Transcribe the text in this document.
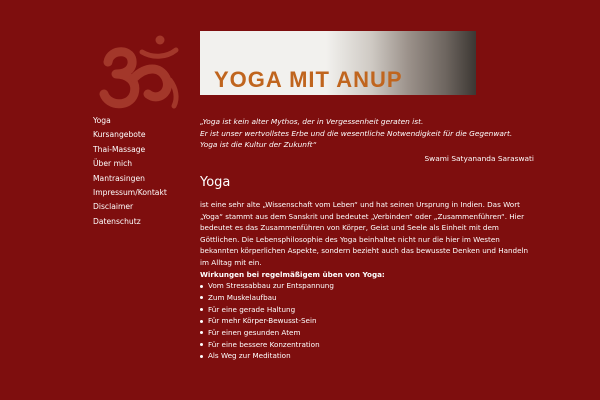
YOGA MIT ANUP
Yoga
Kursangebote
Thai-Massage
Über mich
Mantrasingen
Impressum/Kontakt
Disclaimer
Datenschutz

„Yoga ist kein alter Mythos, der in Vergessenheit geraten ist.

Er ist unser wertvollstes Erbe und die wesentliche Notwendigkeit für die Gegenwart.

Yoga ist die Kultur der Zukunft“

Swami Satyananda Saraswati
Yoga

ist eine sehr alte „Wissenschaft vom Leben“ und hat seinen Ursprung in Indien. Das Wort „Yoga“ stammt aus dem Sanskrit und bedeutet „Verbinden“ oder „Zusammenführen“. Hier bedeutet es das Zusammenführen von Körper, Geist und Seele als Einheit mit dem Göttlichen. Die Lebensphilosophie des Yoga beinhaltet nicht nur die hier im Westen bekannten körperlichen Aspekte, sondern bezieht auch das bewusste Denken und Handeln im Alltag mit ein.

Wirkungen bei regelmäßigem üben von Yoga:

Vom Stressabbau zur Entspannung
Zum Muskelaufbau
Für eine gerade Haltung
Für mehr Körper-Bewusst-Sein
Für einen gesunden Atem
Für eine bessere Konzentration
Als Weg zur Meditation
